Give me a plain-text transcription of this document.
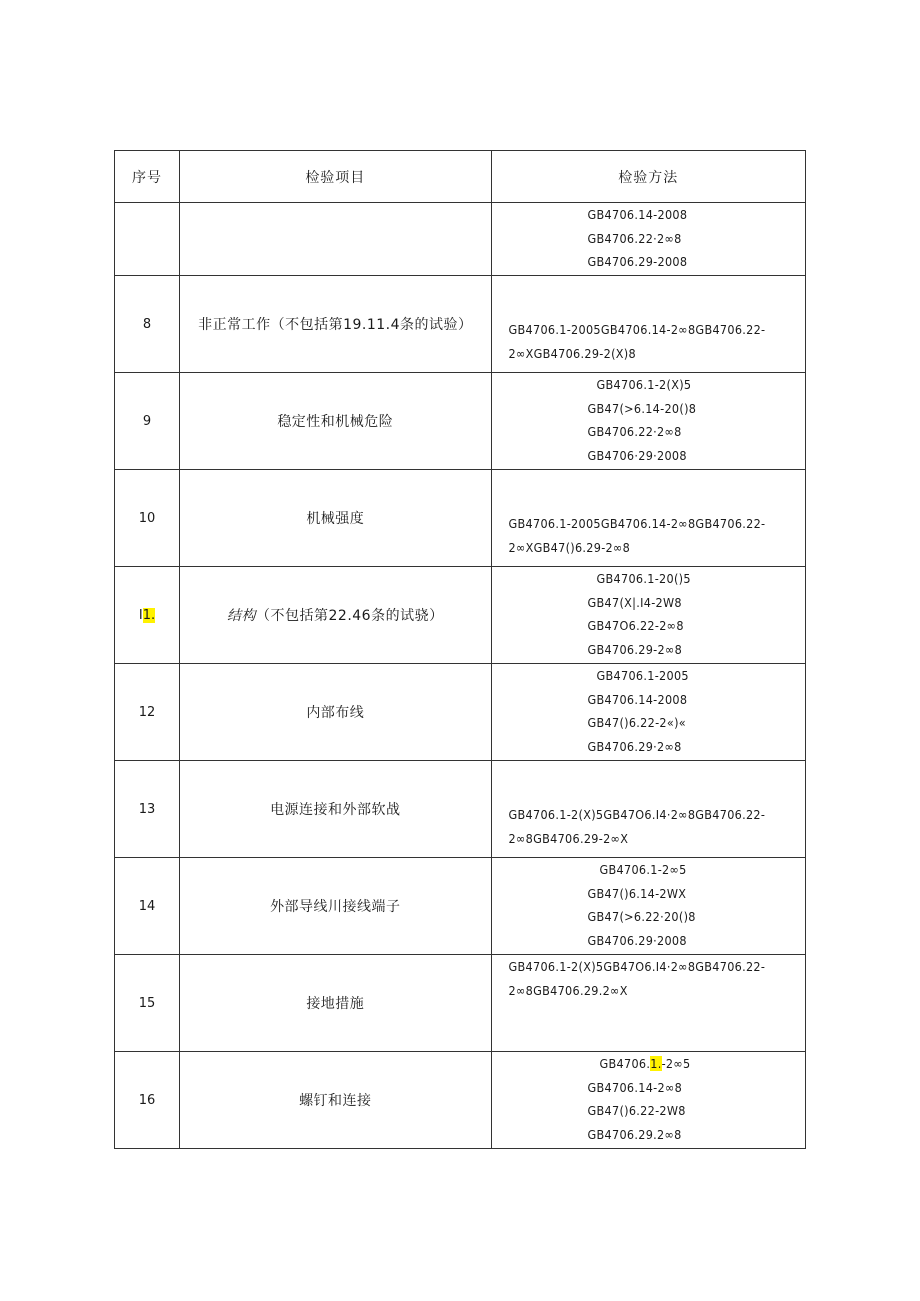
序号	检验项目	检验方法

		GB4706.14-2008
GB4706.22·2∞8
GB4706.29-2008

8	非正常工作（不包括第19.11.4条的试验）	GB4706.1-2005GB4706.14-2∞8GB4706.22-
2∞XGB4706.29-2(X)8

9	稳定性和机械危险	GB4706.1-2(X)5
GB47(>6.14-20()8
GB4706.22·2∞8
GB4706·29·2008

10	机械强度	GB4706.1-2005GB4706.14-2∞8GB4706.22-
2∞XGB47()6.29-2∞8

I1.	结构（不包括第22.46条的试骁）	GB4706.1-20()5
GB47(X|.I4-2W8
GB47O6.22-2∞8
GB4706.29-2∞8

12	内部布线	GB4706.1-2005
GB4706.14-2008
GB47()6.22-2«)«
GB4706.29·2∞8

13	电源连接和外部软战	GB4706.1-2(X)5GB47O6.I4·2∞8GB4706.22-
2∞8GB4706.29-2∞X

14	外部导线川接线端子	GB4706.1-2∞5
GB47()6.14-2WX
GB47(>6.22·20()8
GB4706.29·2008

15	接地措施	GB4706.1-2(X)5GB47O6.I4·2∞8GB4706.22-
2∞8GB4706.29.2∞X

16	螺钉和连接	GB4706.1.-2∞5
GB4706.14-2∞8
GB47()6.22-2W8
GB4706.29.2∞8
